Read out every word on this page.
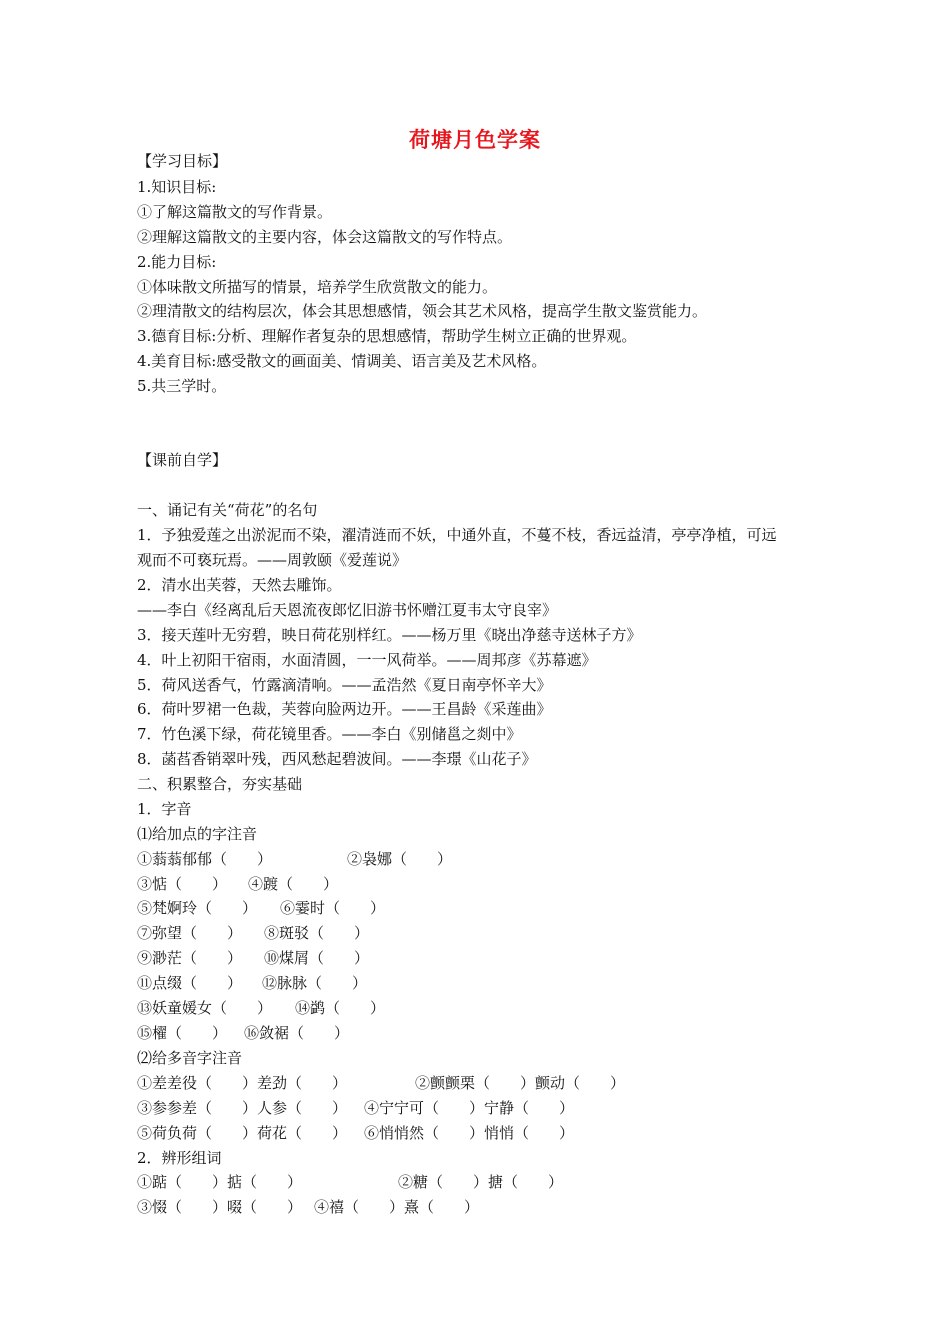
荷塘月色学案
【学习目标】
1.知识目标:
①了解这篇散文的写作背景。
②理解这篇散文的主要内容，体会这篇散文的写作特点。
2.能力目标:
①体味散文所描写的情景，培养学生欣赏散文的能力。
②理清散文的结构层次，体会其思想感情，领会其艺术风格，提高学生散文鉴赏能力。
3.德育目标:分析、理解作者复杂的思想感情，帮助学生树立正确的世界观。
4.美育目标:感受散文的画面美、情调美、语言美及艺术风格。
5.共三学时。
【课前自学】
一、诵记有关“荷花”的名句
1．予独爱莲之出淤泥而不染，濯清涟而不妖，中通外直，不蔓不枝，香远益清，亭亭净植，可远
观而不可亵玩焉。——周敦颐《爱莲说》
2．清水出芙蓉，天然去雕饰。
——李白《经离乱后天恩流夜郎忆旧游书怀赠江夏韦太守良宰》
3．接天莲叶无穷碧，映日荷花别样红。——杨万里《晓出净慈寺送林子方》
4．叶上初阳干宿雨，水面清圆，一一风荷举。——周邦彦《苏幕遮》
5．荷风送香气，竹露滴清响。——孟浩然《夏日南亭怀辛大》
6．荷叶罗裙一色裁，芙蓉向脸两边开。——王昌龄《采莲曲》
7．竹色溪下绿，荷花镜里香。——李白《别储邕之剡中》
8．菡萏香销翠叶残，西风愁起碧波间。——李璟《山花子》
二、积累整合，夯实基础
1．字音
⑴给加点的字注音
①蓊蓊郁郁（　　）	②袅娜（　　）
③惦（　　） ④踱（　　）
⑤梵婀玲（　　） ⑥霎时（　　）
⑦弥望（　　） ⑧斑驳（　　）
⑨渺茫（　　） ⑩煤屑（　　）
⑪点缀（　　） ⑫脉脉（　　）
⑬妖童媛女（　　） ⑭鹢（　　）
⑮櫂（　　） ⑯敛裾（　　）
⑵给多音字注音
①差差役（　　）差劲（　　）	②颤颤栗（　　）颤动（　　）
③参参差（　　）人参（　　） ④宁宁可（　　）宁静（　　）
⑤荷负荷（　　）荷花（　　） ⑥悄悄然（　　）悄悄（　　）
2．辨形组词
①踮（　　）掂（　　）	②糖（　　）搪（　　）
③惙（　　）啜（　　） ④禧（　　）熹（　　）
